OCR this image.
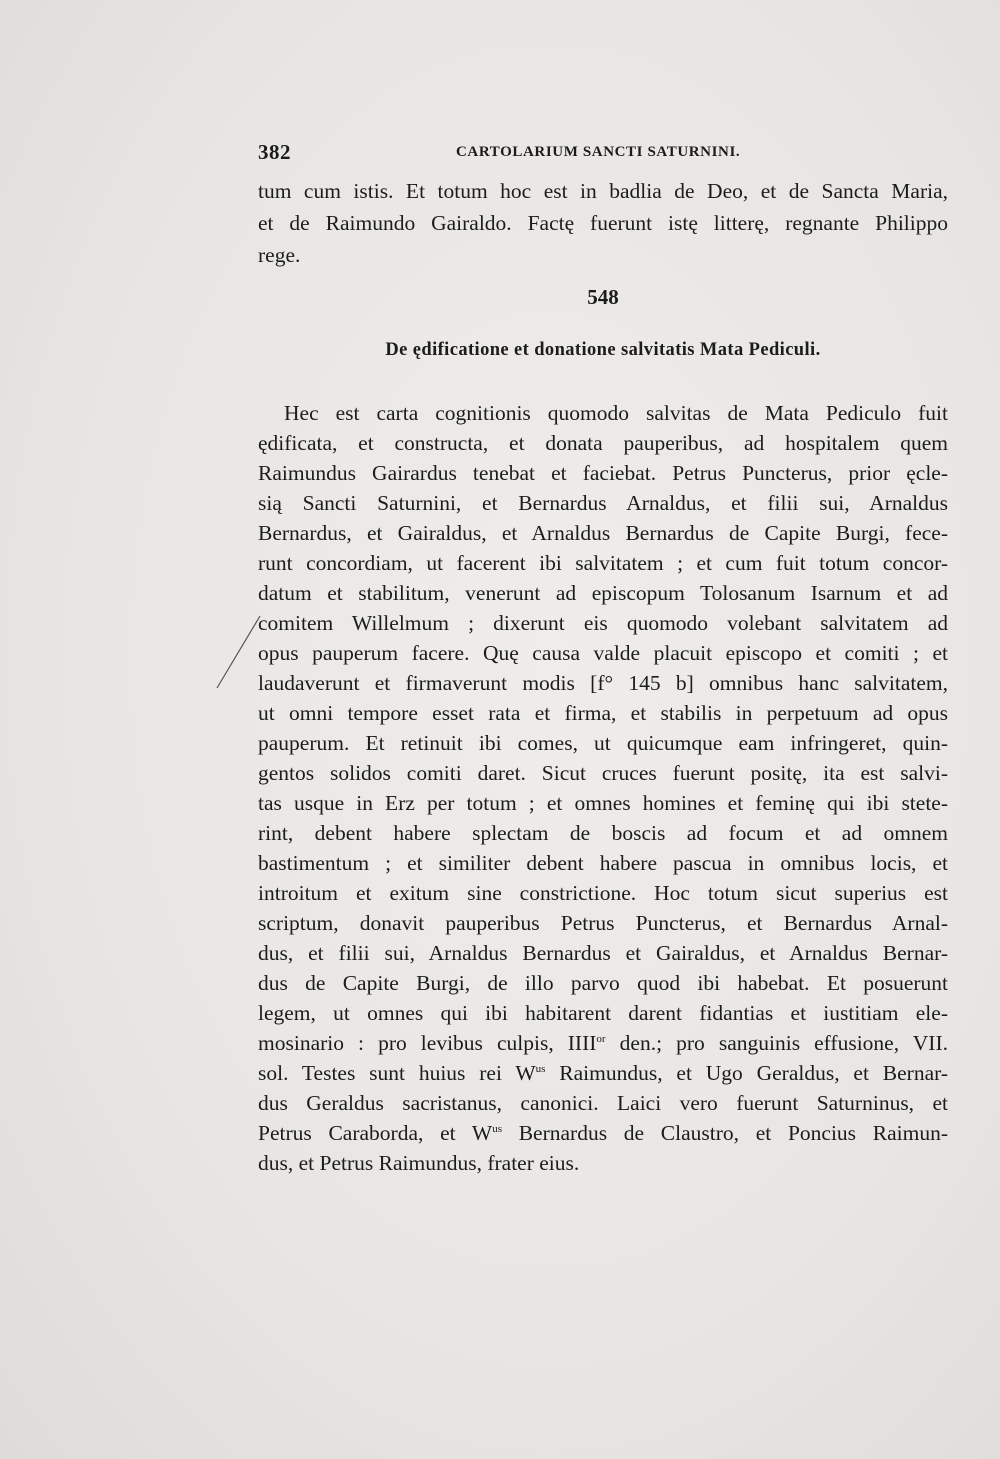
382	CARTOLARIUM SANCTI SATURNINI.
tum cum istis. Et totum hoc est in badlia de Deo, et de Sancta Maria,
et de Raimundo Gairaldo. Factę fuerunt istę litterę, regnante Philippo
rege.
548
De ędificatione et donatione salvitatis Mata Pediculi.
Hec est carta cognitionis quomodo salvitas de Mata Pediculo fuit
ędificata, et constructa, et donata pauperibus, ad hospitalem quem
Raimundus Gairardus tenebat et faciebat. Petrus Puncterus, prior ęcle-
sią Sancti Saturnini, et Bernardus Arnaldus, et filii sui, Arnaldus
Bernardus, et Gairaldus, et Arnaldus Bernardus de Capite Burgi, fece-
runt concordiam, ut facerent ibi salvitatem ; et cum fuit totum concor-
datum et stabilitum, venerunt ad episcopum Tolosanum Isarnum et ad
comitem Willelmum ; dixerunt eis quomodo volebant salvitatem ad
opus pauperum facere. Quę causa valde placuit episcopo et comiti ; et
laudaverunt et firmaverunt modis [f° 145 b] omnibus hanc salvitatem,
ut omni tempore esset rata et firma, et stabilis in perpetuum ad opus
pauperum. Et retinuit ibi comes, ut quicumque eam infringeret, quin-
gentos solidos comiti daret. Sicut cruces fuerunt positę, ita est salvi-
tas usque in Erz per totum ; et omnes homines et feminę qui ibi stete-
rint, debent habere splectam de boscis ad focum et ad omnem
bastimentum ; et similiter debent habere pascua in omnibus locis, et
introitum et exitum sine constrictione. Hoc totum sicut superius est
scriptum, donavit pauperibus Petrus Puncterus, et Bernardus Arnal-
dus, et filii sui, Arnaldus Bernardus et Gairaldus, et Arnaldus Bernar-
dus de Capite Burgi, de illo parvo quod ibi habebat. Et posuerunt
legem, ut omnes qui ibi habitarent darent fidantias et iustitiam ele-
mosinario : pro levibus culpis, $IIII^{or}$ den.; pro sanguinis effusione, VII.
sol. Testes sunt huius rei $W^{us}$ Raimundus, et Ugo Geraldus, et Bernar-
dus Geraldus sacristanus, canonici. Laici vero fuerunt Saturninus, et
Petrus Caraborda, et $W^{us}$ Bernardus de Claustro, et Poncius Raimun-
dus, et Petrus Raimundus, frater eius.
